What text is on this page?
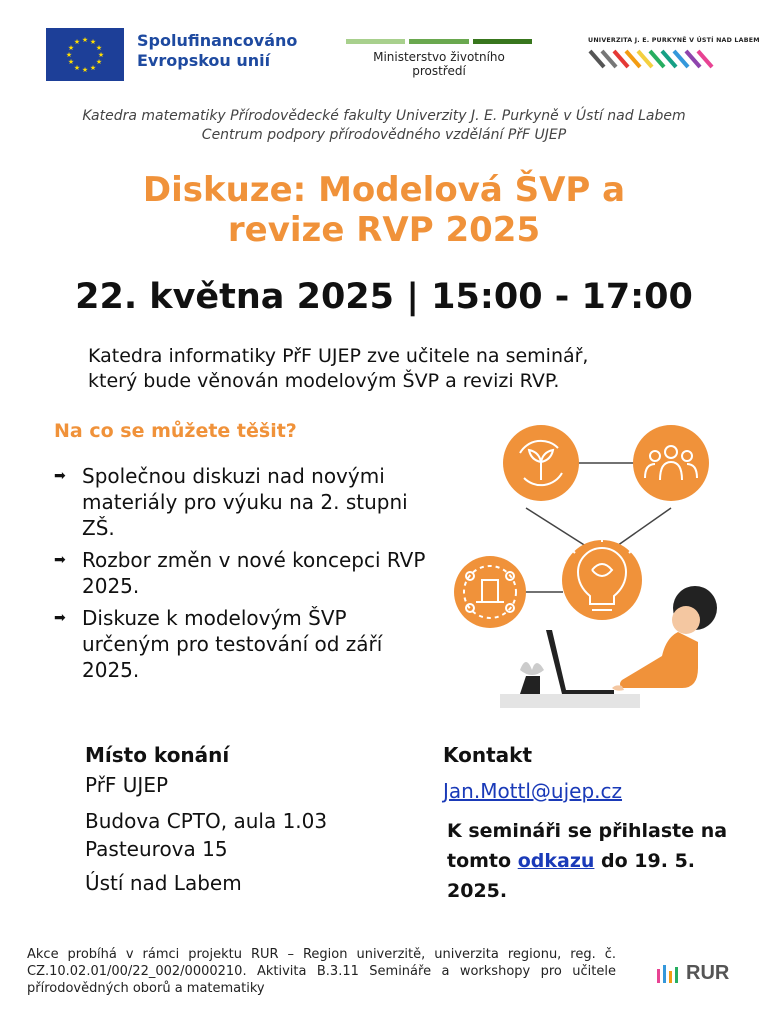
★ ★
★
★
★
★
★
★
★
★
★
★	Spolufinancováno
Evropskou unií	Ministerstvo životního prostředí
UNIVERZITA J. E. PURKYNĚ V ÚSTÍ NAD LABEM
Katedra matematiky Přírodovědecké fakulty Univerzity J. E. Purkyně v Ústí nad Labem
Centrum podpory přírodovědného vzdělání PřF UJEP
Diskuze: Modelová ŠVP a
revize RVP 2025
22. května 2025 | 15:00 - 17:00
Katedra informatiky PřF UJEP zve učitele na seminář,
který bude věnován modelovým ŠVP a revizi RVP.
Na co se můžete těšit?
➡ Společnou diskuzi nad novými materiály pro výuku na 2. stupni ZŠ.
➡ Rozbor změn v nové koncepci RVP 2025.
➡ Diskuze k modelovým ŠVP určeným pro testování od září 2025.
Místo konání
PřF UJEP
Budova CPTO, aula 1.03
Pasteurova 15
Ústí nad Labem
Kontakt
Jan.Mottl@ujep.cz
K semináři se přihlaste na tomto odkazu do 19. 5. 2025.
Akce probíhá v rámci projektu RUR – Region univerzitě, univerzita regionu, reg. č. CZ.10.02.01/00/22_002/0000210. Aktivita B.3.11 Semináře a workshopy pro učitele přírodovědných oborů a matematiky
RUR
